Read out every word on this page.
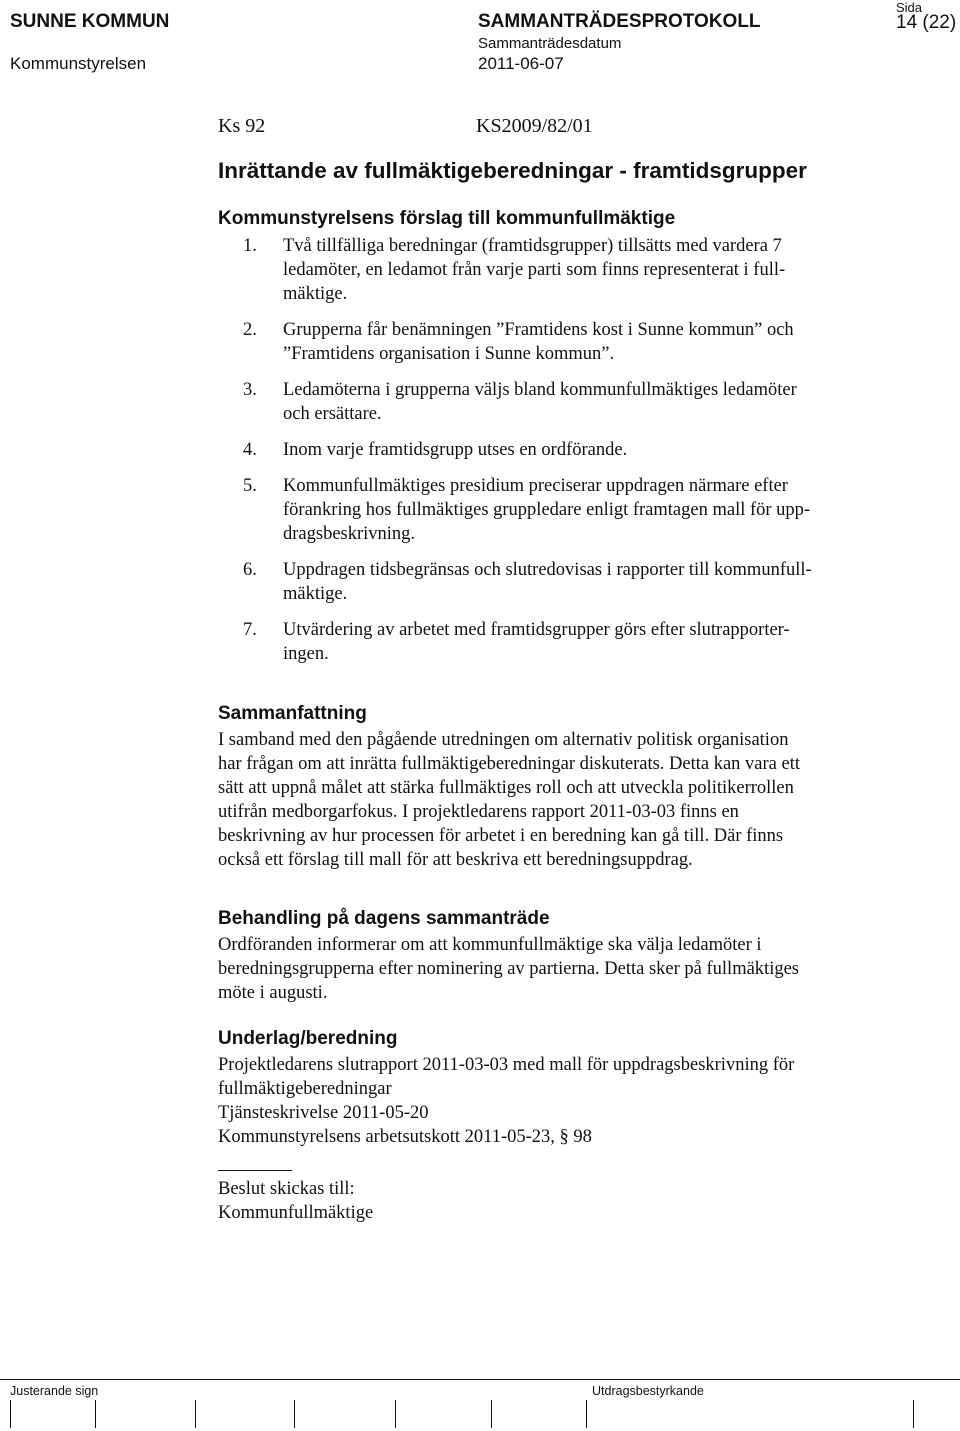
SUNNE KOMMUN
Kommunstyrelsen
SAMMANTRÄDESPROTOKOLL
Sammanträdesdatum
2011-06-07
Sida
14 (22)
Ks 92	KS2009/82/01
Inrättande av fullmäktigeberedningar - framtidsgrupper
Kommunstyrelsens förslag till kommunfullmäktige
1. Två tillfälliga beredningar (framtidsgrupper) tillsätts med vardera 7
ledamöter, en ledamot från varje parti som finns representerat i full-
mäktige.
2. Grupperna får benämningen ”Framtidens kost i Sunne kommun” och
”Framtidens organisation i Sunne kommun”.
3. Ledamöterna i grupperna väljs bland kommunfullmäktiges ledamöter
och ersättare.
4. Inom varje framtidsgrupp utses en ordförande.
5. Kommunfullmäktiges presidium preciserar uppdragen närmare efter
förankring hos fullmäktiges gruppledare enligt framtagen mall för upp-
dragsbeskrivning.
6. Uppdragen tidsbegränsas och slutredovisas i rapporter till kommunfull-
mäktige.
7. Utvärdering av arbetet med framtidsgrupper görs efter slutrapporter-
ingen.
Sammanfattning
I samband med den pågående utredningen om alternativ politisk organisation
har frågan om att inrätta fullmäktigeberedningar diskuterats. Detta kan vara ett
sätt att uppnå målet att stärka fullmäktiges roll och att utveckla politikerrollen
utifrån medborgarfokus. I projektledarens rapport 2011-03-03 finns en
beskrivning av hur processen för arbetet i en beredning kan gå till. Där finns
också ett förslag till mall för att beskriva ett beredningsuppdrag.
Behandling på dagens sammanträde
Ordföranden informerar om att kommunfullmäktige ska välja ledamöter i
beredningsgrupperna efter nominering av partierna. Detta sker på fullmäktiges
möte i augusti.
Underlag/beredning
Projektledarens slutrapport 2011-03-03 med mall för uppdragsbeskrivning för
fullmäktigeberedningar
Tjänsteskrivelse 2011-05-20
Kommunstyrelsens arbetsutskott 2011-05-23, § 98
Beslut skickas till:
Kommunfullmäktige
Justerande sign	Utdragsbestyrkande
